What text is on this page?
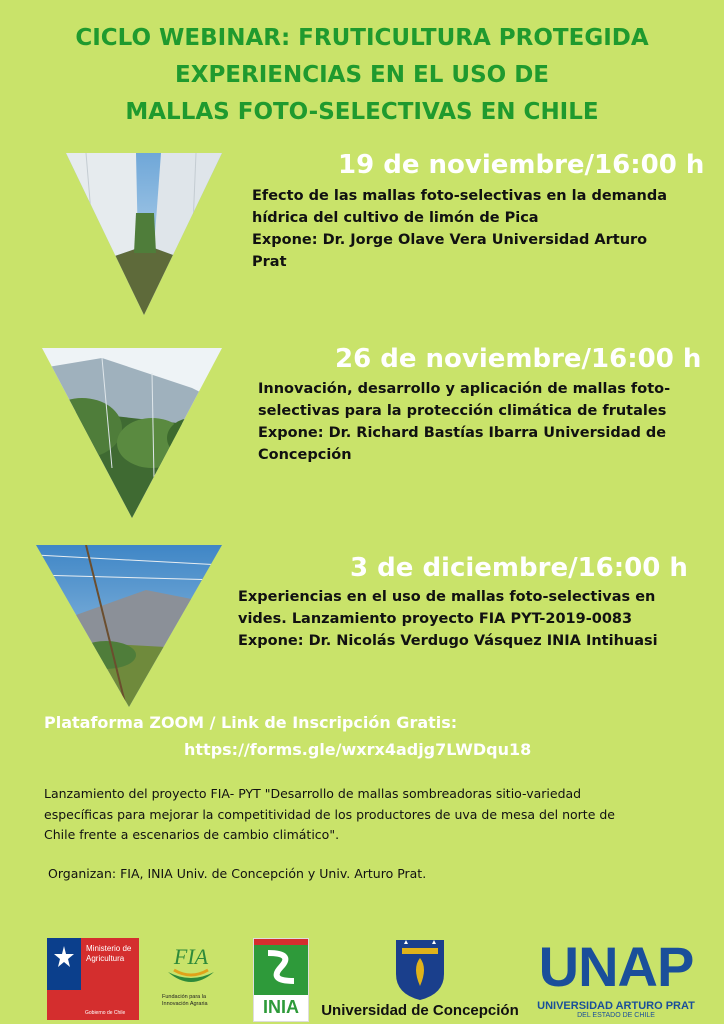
CICLO WEBINAR: FRUTICULTURA PROTEGIDA
EXPERIENCIAS EN EL USO DE
MALLAS FOTO-SELECTIVAS EN CHILE
19 de noviembre/16:00 h
Efecto de las mallas foto-selectivas en la demanda
hídrica del cultivo de limón de Pica
Expone: Dr. Jorge Olave Vera Universidad Arturo
Prat
26 de noviembre/16:00 h
Innovación, desarrollo y aplicación de mallas foto-
selectivas para la protección climática de frutales
Expone: Dr. Richard Bastías Ibarra Universidad de
Concepción
3 de diciembre/16:00 h
Experiencias en el uso de mallas foto-selectivas en
vides. Lanzamiento proyecto FIA PYT-2019-0083
Expone: Dr. Nicolás Verdugo Vásquez INIA Intihuasi
Plataforma ZOOM / Link de Inscripción Gratis:
https://forms.gle/wxrx4adjg7LWDqu18
Lanzamiento del proyecto FIA- PYT "Desarrollo de mallas sombreadoras sitio-variedad
específicas para mejorar la competitividad de los productores de uva de mesa del norte de
Chile frente a escenarios de cambio climático".
Organizan: FIA, INIA Univ. de Concepción y Univ. Arturo Prat.
Ministerio de
Agricultura
Gobierno de Chile
FIA
Fundación para la
Innovación Agraria	INIA	Universidad de Concepción
UNAP
UNIVERSIDAD ARTURO PRAT
DEL ESTADO DE CHILE
